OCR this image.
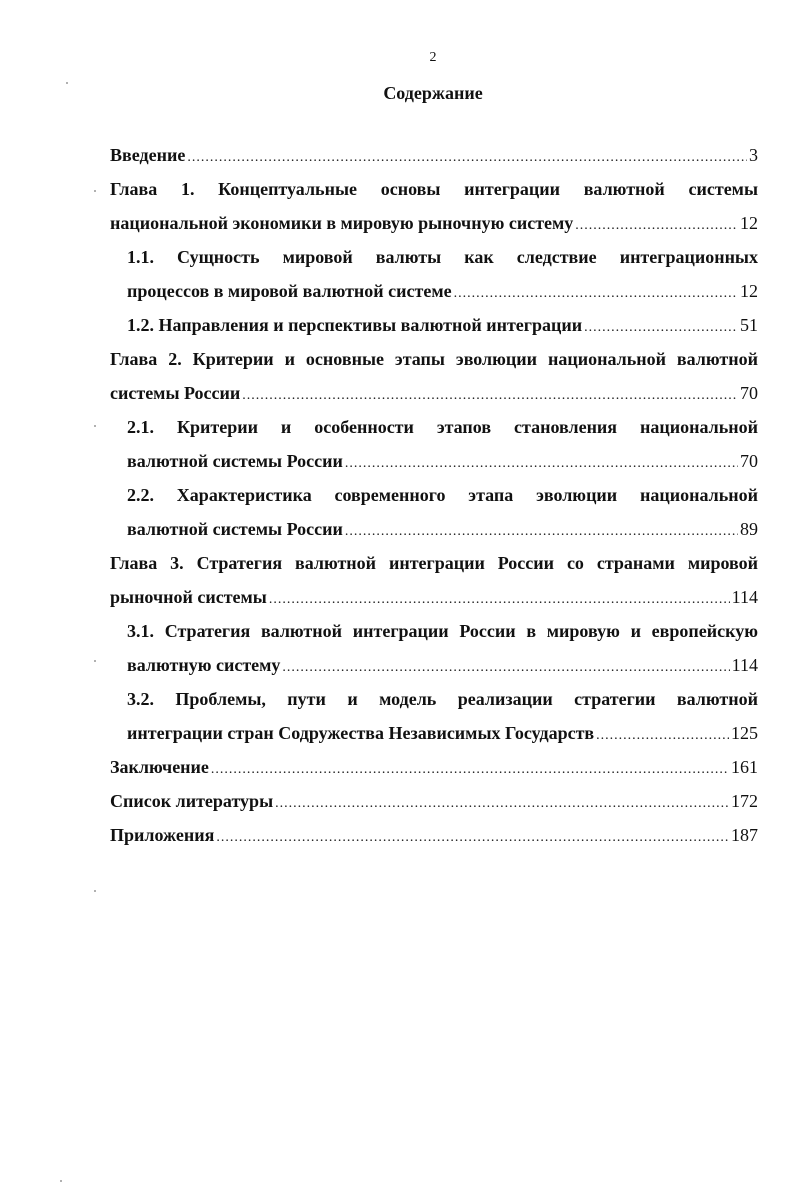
2
Содержание
Введение .....	3
Глава 1. Концептуальные основы интеграции валютной системы
национальной экономики в мировую рыночную систему .....	12
1.1. Сущность мировой валюты как следствие интеграционных
процессов в мировой валютной системе .....	12
1.2. Направления и перспективы валютной интеграции .....	51
Глава 2. Критерии и основные этапы эволюции национальной валютной
системы России .....	70
2.1. Критерии и особенности этапов становления национальной
валютной системы России .....	70
2.2. Характеристика современного этапа эволюции национальной
валютной системы России .....	89
Глава 3. Стратегия валютной интеграции России со странами мировой
рыночной системы .....	114
3.1. Стратегия валютной интеграции России в мировую и европейскую
валютную систему .....	114
3.2. Проблемы, пути и модель реализации стратегии валютной
интеграции стран Содружества Независимых Государств .....	125
Заключение .....	161
Список литературы .....	172
Приложения .....	187
